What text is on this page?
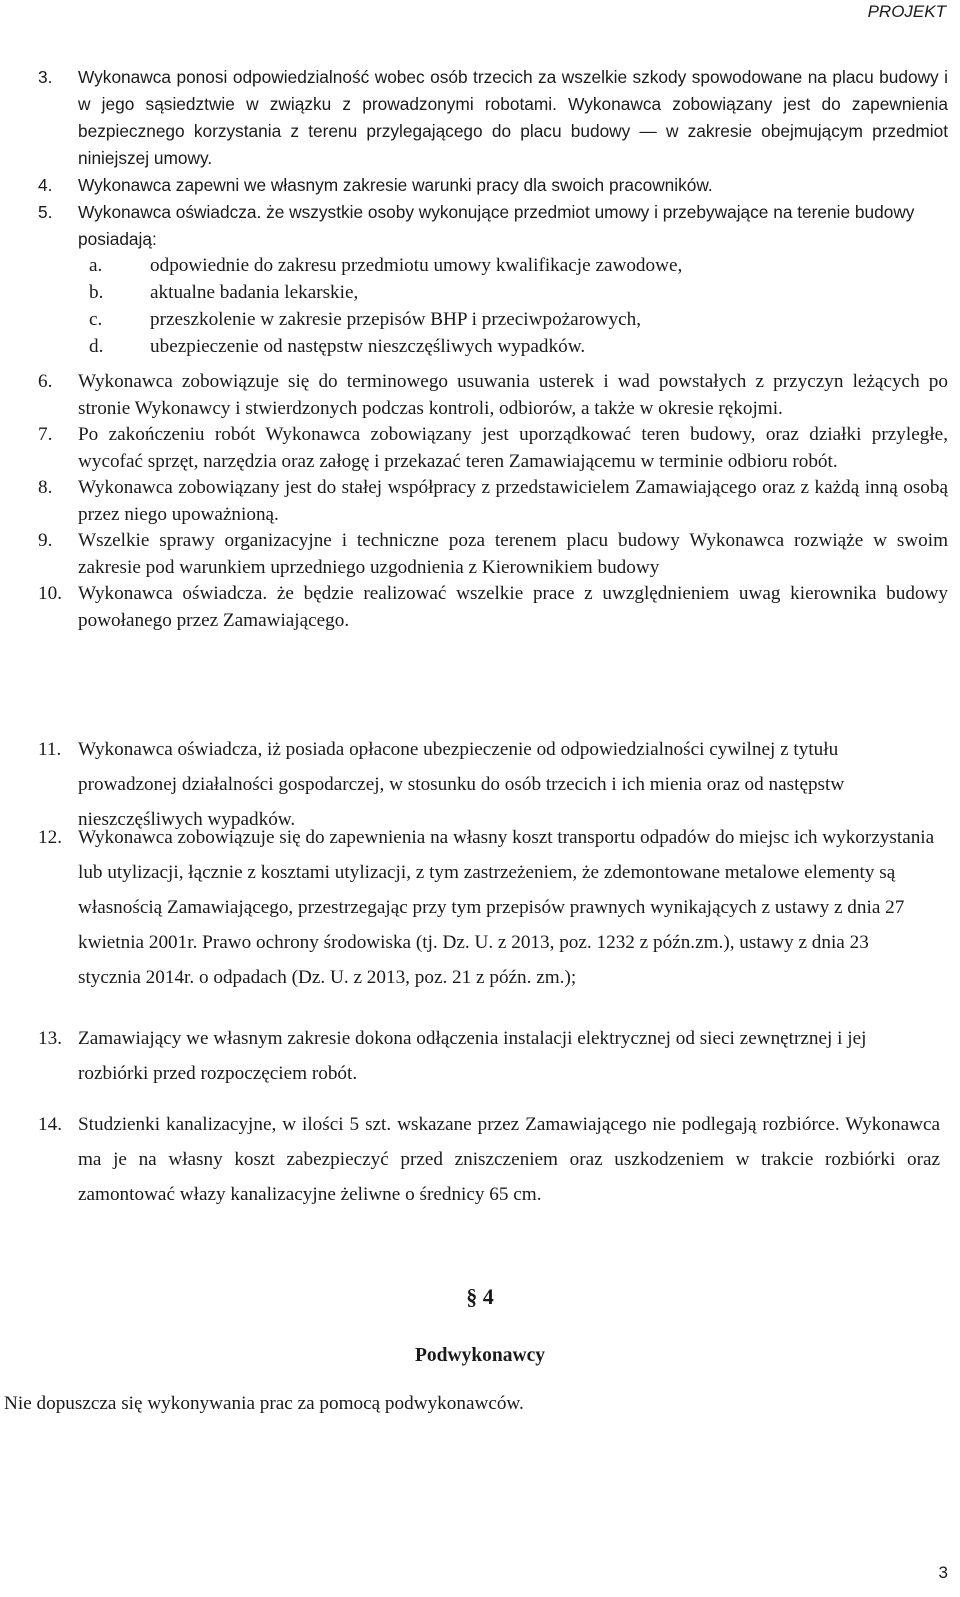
PROJEKT
3. Wykonawca ponosi odpowiedzialność wobec osób trzecich za wszelkie szkody spowodowane na placu budowy i w jego sąsiedztwie w związku z prowadzonymi robotami. Wykonawca zobowiązany jest do zapewnienia bezpiecznego korzystania z terenu przylegającego do placu budowy — w zakresie obejmującym przedmiot niniejszej umowy.
4. Wykonawca zapewni we własnym zakresie warunki pracy dla swoich pracowników.
5. Wykonawca oświadcza. że wszystkie osoby wykonujące przedmiot umowy i przebywające na terenie budowy posiadają:
a. odpowiednie do zakresu przedmiotu umowy kwalifikacje zawodowe,
b. aktualne badania lekarskie,
c. przeszkolenie w zakresie przepisów BHP i przeciwpożarowych,
d. ubezpieczenie od następstw nieszczęśliwych wypadków.
6. Wykonawca zobowiązuje się do terminowego usuwania usterek i wad powstałych z przyczyn leżących po stronie Wykonawcy i stwierdzonych podczas kontroli, odbiorów, a także w okresie rękojmi.
7. Po zakończeniu robót Wykonawca zobowiązany jest uporządkować teren budowy, oraz działki przyległe, wycofać sprzęt, narzędzia oraz załogę i przekazać teren Zamawiającemu w terminie odbioru robót.
8. Wykonawca zobowiązany jest do stałej współpracy z przedstawicielem Zamawiającego oraz z każdą inną osobą przez niego upoważnioną.
9. Wszelkie sprawy organizacyjne i techniczne poza terenem placu budowy Wykonawca rozwiąże w swoim zakresie pod warunkiem uprzedniego uzgodnienia z Kierownikiem budowy
10. Wykonawca oświadcza. że będzie realizować wszelkie prace z uwzględnieniem uwag kierownika budowy powołanego przez Zamawiającego.
11. Wykonawca oświadcza, iż posiada opłacone ubezpieczenie od odpowiedzialności cywilnej z tytułu prowadzonej działalności gospodarczej, w stosunku do osób trzecich i ich mienia oraz od następstw nieszczęśliwych wypadków.
12. Wykonawca zobowiązuje się do zapewnienia na własny koszt transportu odpadów do miejsc ich wykorzystania lub utylizacji, łącznie z kosztami utylizacji, z tym zastrzeżeniem, że zdemontowane metalowe elementy są własnością Zamawiającego, przestrzegając przy tym przepisów prawnych wynikających z ustawy z dnia 27 kwietnia 2001r. Prawo ochrony środowiska (tj. Dz. U. z 2013, poz. 1232 z późn.zm.), ustawy z dnia 23 stycznia 2014r. o odpadach (Dz. U. z 2013, poz. 21 z późn. zm.);
13. Zamawiający we własnym zakresie dokona odłączenia instalacji elektrycznej od sieci zewnętrznej i jej rozbiórki przed rozpoczęciem robót.
14. Studzienki kanalizacyjne, w ilości 5 szt. wskazane przez Zamawiającego nie podlegają rozbiórce. Wykonawca ma je na własny koszt zabezpieczyć przed zniszczeniem oraz uszkodzeniem w trakcie rozbiórki oraz zamontować włazy kanalizacyjne żeliwne o średnicy 65 cm.
§ 4
Podwykonawcy
Nie dopuszcza się wykonywania prac za pomocą podwykonawców.
3
